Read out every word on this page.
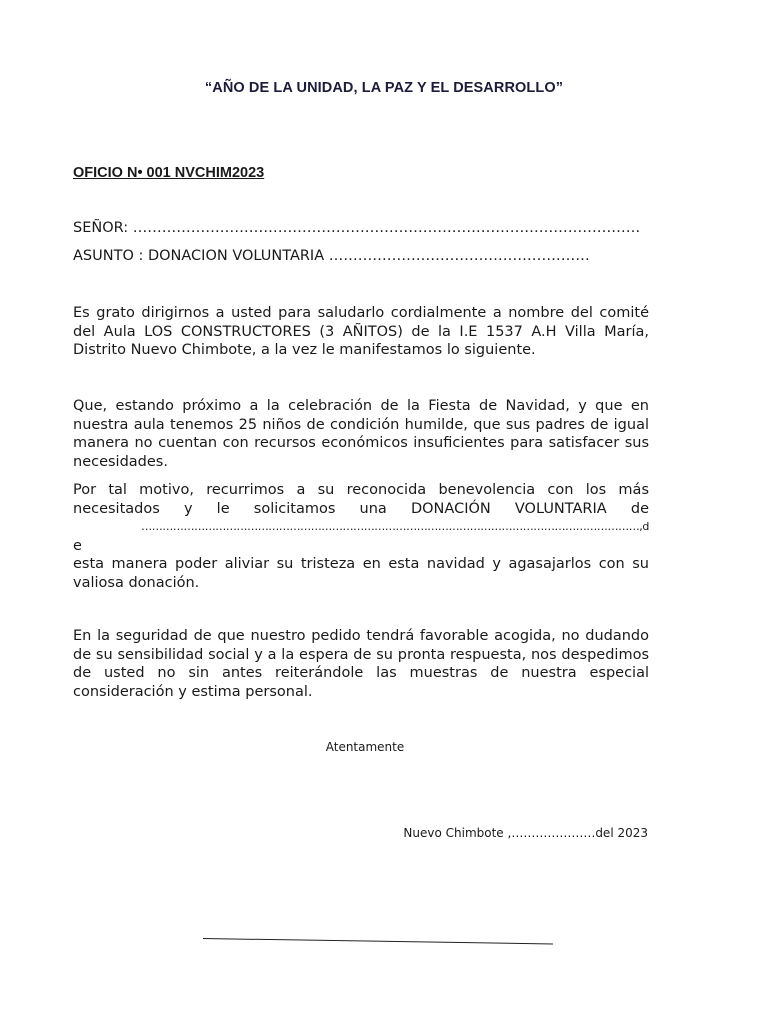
“AÑO DE LA UNIDAD, LA PAZ Y EL DESARROLLO”
OFICIO N• 001 NVCHIM2023
SEÑOR: ……………………………………………………………………………………………
ASUNTO : DONACION VOLUNTARIA ………………………………………………

Es grato dirigirnos a usted para saludarlo cordialmente a nombre del comité del Aula LOS CONSTRUCTORES (3 AÑITOS) de la I.E 1537 A.H Villa María, Distrito Nuevo Chimbote, a la vez le manifestamos lo siguiente.

Que, estando próximo a la celebración de la Fiesta de Navidad, y que en nuestra aula tenemos 25 niños de condición humilde, que sus padres de igual manera no cuentan con recursos económicos insuficientes para satisfacer sus necesidades.

Por tal motivo, recurrimos a su reconocida benevolencia con los más necesitados y le solicitamos una DONACIÓN VOLUNTARIA de

……………………………………………………………………………………………………………………………,d

e

esta manera poder aliviar su tristeza en esta navidad y agasajarlos con su valiosa donación.

En la seguridad de que nuestro pedido tendrá favorable acogida, no dudando de su sensibilidad social y a la espera de su pronta respuesta, nos despedimos de usted no sin antes reiterándole las muestras de nuestra especial consideración y estima personal.

Atentamente
Nuevo Chimbote ,…………………del 2023
